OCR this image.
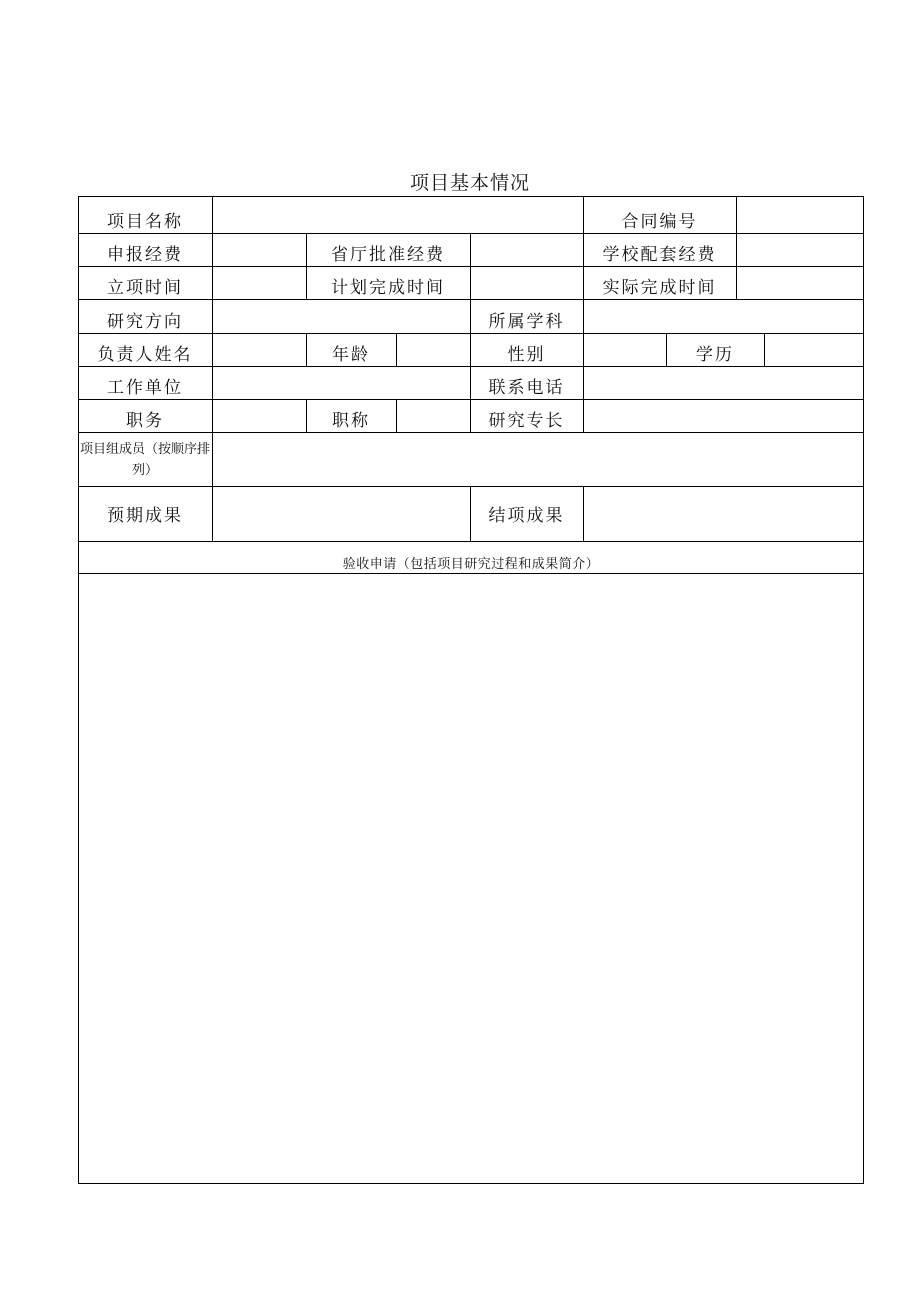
项目基本情况
项目名称	合同编号
申报经费	省厅批准经费	学校配套经费
立项时间	计划完成时间	实际完成时间
研究方向	所属学科
负责人姓名	年龄	性别	学历
工作单位	联系电话
职务	职称	研究专长
项目组成员（按顺序排列）
预期成果	结项成果
验收申请（包括项目研究过程和成果简介）
